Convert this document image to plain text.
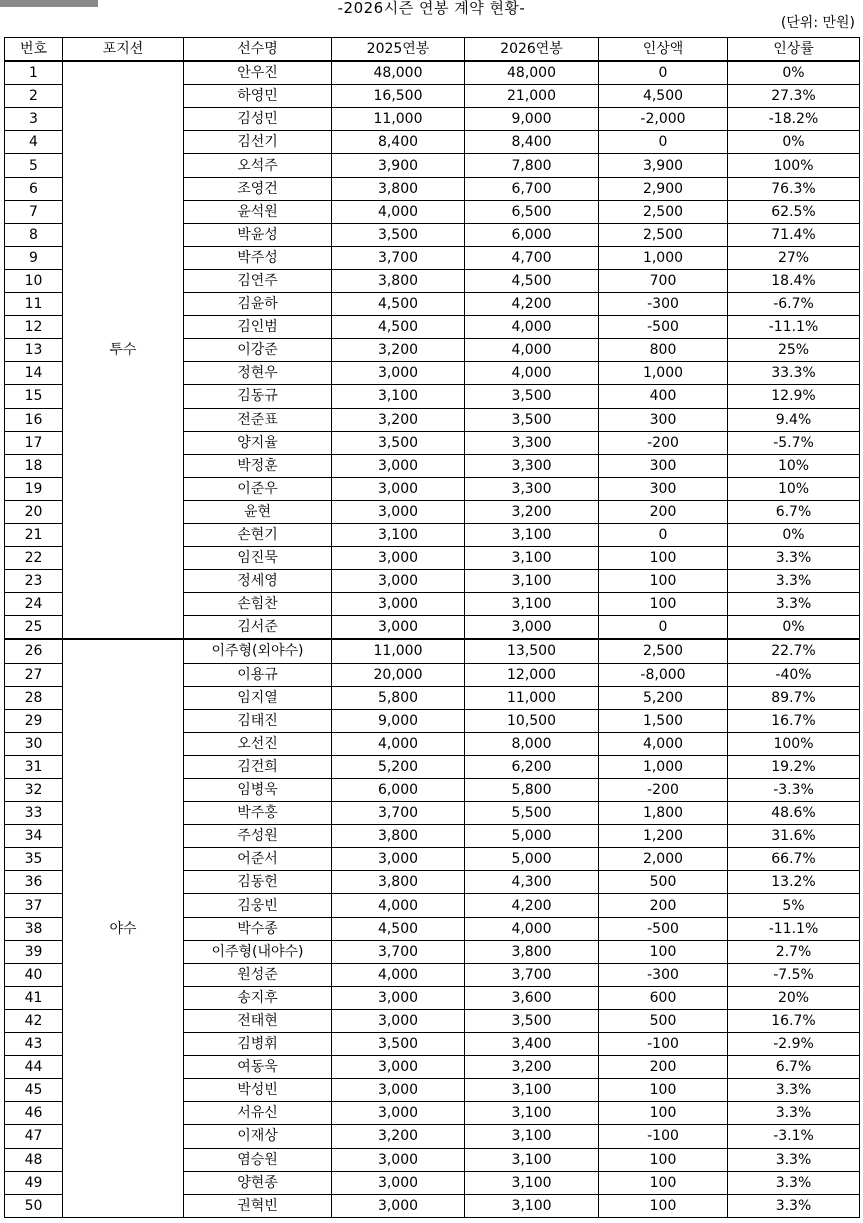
-2026시즌 연봉 계약 현황-
(단위: 만원)
번호	포지션	선수명	2025연봉	2026연봉	인상액	인상률
1	투수	안우진	48,000	48,000	0	0%
2		하영민	16,500	21,000	4,500	27.3%
3		김성민	11,000	9,000	-2,000	-18.2%
4		김선기	8,400	8,400	0	0%
5		오석주	3,900	7,800	3,900	100%
6		조영건	3,800	6,700	2,900	76.3%
7		윤석원	4,000	6,500	2,500	62.5%
8		박윤성	3,500	6,000	2,500	71.4%
9		박주성	3,700	4,700	1,000	27%
10		김연주	3,800	4,500	700	18.4%
11		김윤하	4,500	4,200	-300	-6.7%
12		김인범	4,500	4,000	-500	-11.1%
13		이강준	3,200	4,000	800	25%
14		정현우	3,000	4,000	1,000	33.3%
15		김동규	3,100	3,500	400	12.9%
16		전준표	3,200	3,500	300	9.4%
17		양지율	3,500	3,300	-200	-5.7%
18		박정훈	3,000	3,300	300	10%
19		이준우	3,000	3,300	300	10%
20		윤현	3,000	3,200	200	6.7%
21		손현기	3,100	3,100	0	0%
22		임진묵	3,000	3,100	100	3.3%
23		정세영	3,000	3,100	100	3.3%
24		손힘찬	3,000	3,100	100	3.3%
25		김서준	3,000	3,000	0	0%
26	야수	이주형(외야수)	11,000	13,500	2,500	22.7%
27		이용규	20,000	12,000	-8,000	-40%
28		임지열	5,800	11,000	5,200	89.7%
29		김태진	9,000	10,500	1,500	16.7%
30		오선진	4,000	8,000	4,000	100%
31		김건희	5,200	6,200	1,000	19.2%
32		임병욱	6,000	5,800	-200	-3.3%
33		박주홍	3,700	5,500	1,800	48.6%
34		주성원	3,800	5,000	1,200	31.6%
35		어준서	3,000	5,000	2,000	66.7%
36		김동헌	3,800	4,300	500	13.2%
37		김웅빈	4,000	4,200	200	5%
38		박수종	4,500	4,000	-500	-11.1%
39		이주형(내야수)	3,700	3,800	100	2.7%
40		원성준	4,000	3,700	-300	-7.5%
41		송지후	3,000	3,600	600	20%
42		전태현	3,000	3,500	500	16.7%
43		김병휘	3,500	3,400	-100	-2.9%
44		여동욱	3,000	3,200	200	6.7%
45		박성빈	3,000	3,100	100	3.3%
46		서유신	3,000	3,100	100	3.3%
47		이재상	3,200	3,100	-100	-3.1%
48		염승원	3,000	3,100	100	3.3%
49		양현종	3,000	3,100	100	3.3%
50		권혁빈	3,000	3,100	100	3.3%
